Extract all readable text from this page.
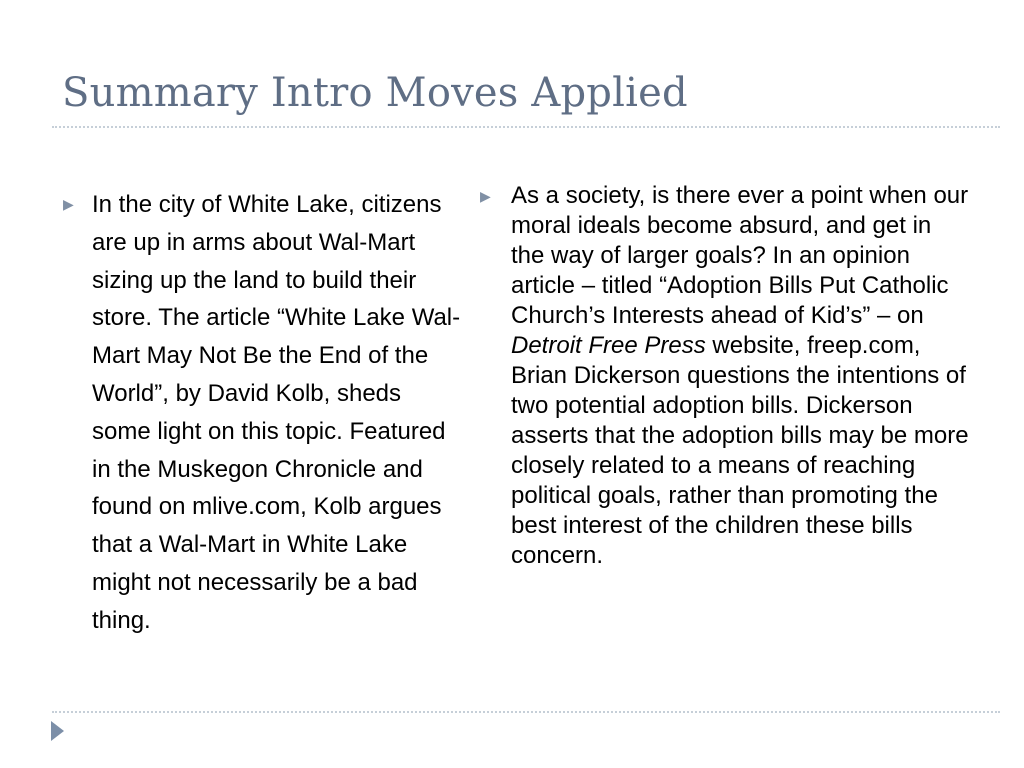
Summary Intro Moves Applied
▶ In the city of White Lake, citizens are up in arms about Wal-Mart sizing up the land to build their store. The article “White Lake Wal-Mart May Not Be the End of the World”, by David Kolb, sheds some light on this topic. Featured in the Muskegon Chronicle and found on mlive.com, Kolb argues that a Wal-Mart in White Lake might not necessarily be a bad thing.

▶ As a society, is there ever a point when our moral ideals become absurd, and get in the way of larger goals? In an opinion article – titled “Adoption Bills Put Catholic Church’s Interests ahead of Kid’s” – on Detroit Free Press website, freep.com, Brian Dickerson questions the intentions of two potential adoption bills. Dickerson asserts that the adoption bills may be more closely related to a means of reaching political goals, rather than promoting the best interest of the children these bills concern.
